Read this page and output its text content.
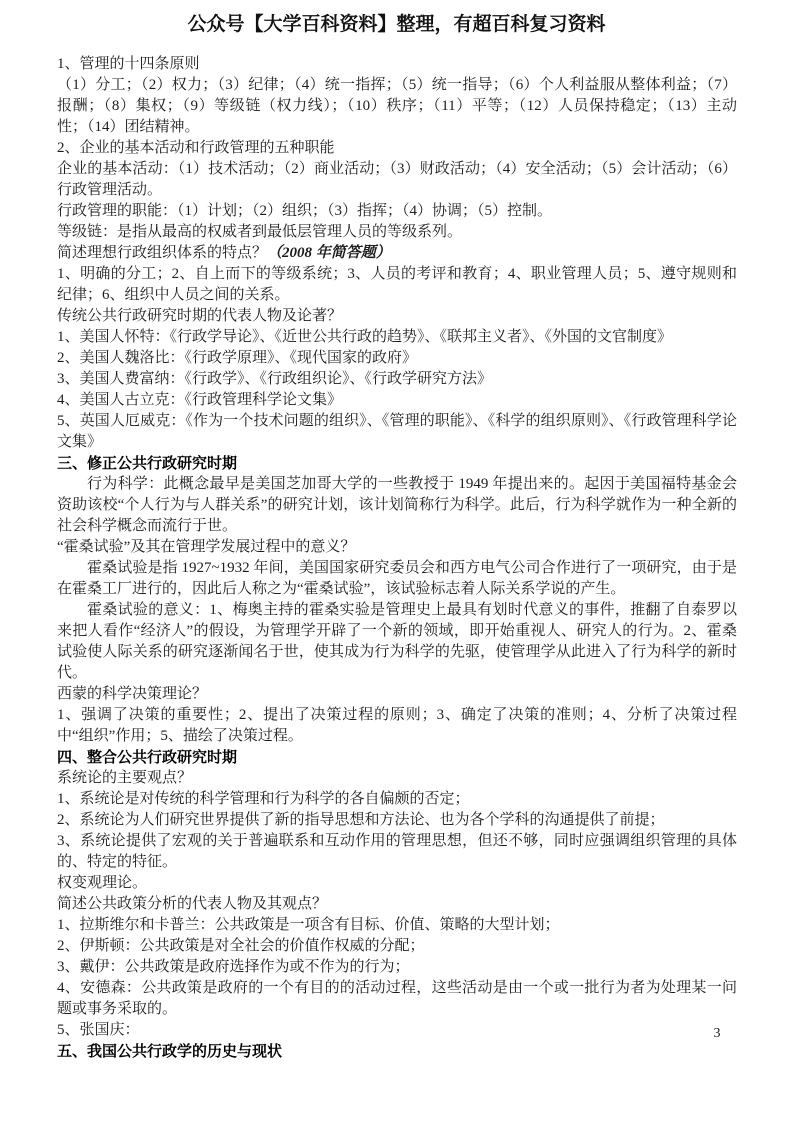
公众号【大学百科资料】整理，有超百科复习资料

1、管理的十四条原则

（1）分工；（2）权力；（3）纪律；（4）统一指挥；（5）统一指导；（6）个人利益服从整体利益；（7）报酬；（8）集权；（9）等级链（权力线）；（10）秩序；（11）平等；（12）人员保持稳定；（13）主动性；（14）团结精神。

2、企业的基本活动和行政管理的五种职能

企业的基本活动：（1）技术活动；（2）商业活动；（3）财政活动；（4）安全活动；（5）会计活动；（6）行政管理活动。

行政管理的职能：（1）计划；（2）组织；（3）指挥；（4）协调；（5）控制。

等级链：是指从最高的权威者到最低层管理人员的等级系列。

简述理想行政组织体系的特点？（2008 年简答题）

1、明确的分工；2、自上而下的等级系统；3、人员的考评和教育；4、职业管理人员；5、遵守规则和纪律；6、组织中人员之间的关系。

传统公共行政研究时期的代表人物及论著？

1、美国人怀特：《行政学导论》、《近世公共行政的趋势》、《联邦主义者》、《外国的文官制度》

2、美国人魏洛比：《行政学原理》、《现代国家的政府》

3、美国人费富纳：《行政学》、《行政组织论》、《行政学研究方法》

4、美国人古立克：《行政管理科学论文集》

5、英国人厄威克：《作为一个技术问题的组织》、《管理的职能》、《科学的组织原则》、《行政管理科学论文集》

三、修正公共行政研究时期

行为科学：此概念最早是美国芝加哥大学的一些教授于 1949 年提出来的。起因于美国福特基金会资助该校“个人行为与人群关系”的研究计划，该计划简称行为科学。此后，行为科学就作为一种全新的社会科学概念而流行于世。

“霍桑试验”及其在管理学发展过程中的意义？

霍桑试验是指 1927~1932 年间，美国国家研究委员会和西方电气公司合作进行了一项研究，由于是在霍桑工厂进行的，因此后人称之为“霍桑试验”，该试验标志着人际关系学说的产生。

霍桑试验的意义：1、梅奥主持的霍桑实验是管理史上最具有划时代意义的事件，推翻了自泰罗以来把人看作“经济人”的假设，为管理学开辟了一个新的领域，即开始重视人、研究人的行为。2、霍桑试验使人际关系的研究逐渐闻名于世，使其成为行为科学的先驱，使管理学从此进入了行为科学的新时代。

西蒙的科学决策理论？

1、强调了决策的重要性；2、提出了决策过程的原则；3、确定了决策的准则；4、分析了决策过程中“组织”作用；5、描绘了决策过程。

四、整合公共行政研究时期

系统论的主要观点？

1、系统论是对传统的科学管理和行为科学的各自偏颇的否定；

2、系统论为人们研究世界提供了新的指导思想和方法论、也为各个学科的沟通提供了前提；

3、系统论提供了宏观的关于普遍联系和互动作用的管理思想，但还不够，同时应强调组织管理的具体的、特定的特征。

权变观理论。

简述公共政策分析的代表人物及其观点？

1、拉斯维尔和卡普兰：公共政策是一项含有目标、价值、策略的大型计划；

2、伊斯顿：公共政策是对全社会的价值作权威的分配；

3、戴伊：公共政策是政府选择作为或不作为的行为；

4、安德森：公共政策是政府的一个有目的的活动过程，这些活动是由一个或一批行为者为处理某一问题或事务采取的。

5、张国庆：

五、我国公共行政学的历史与现状

3
